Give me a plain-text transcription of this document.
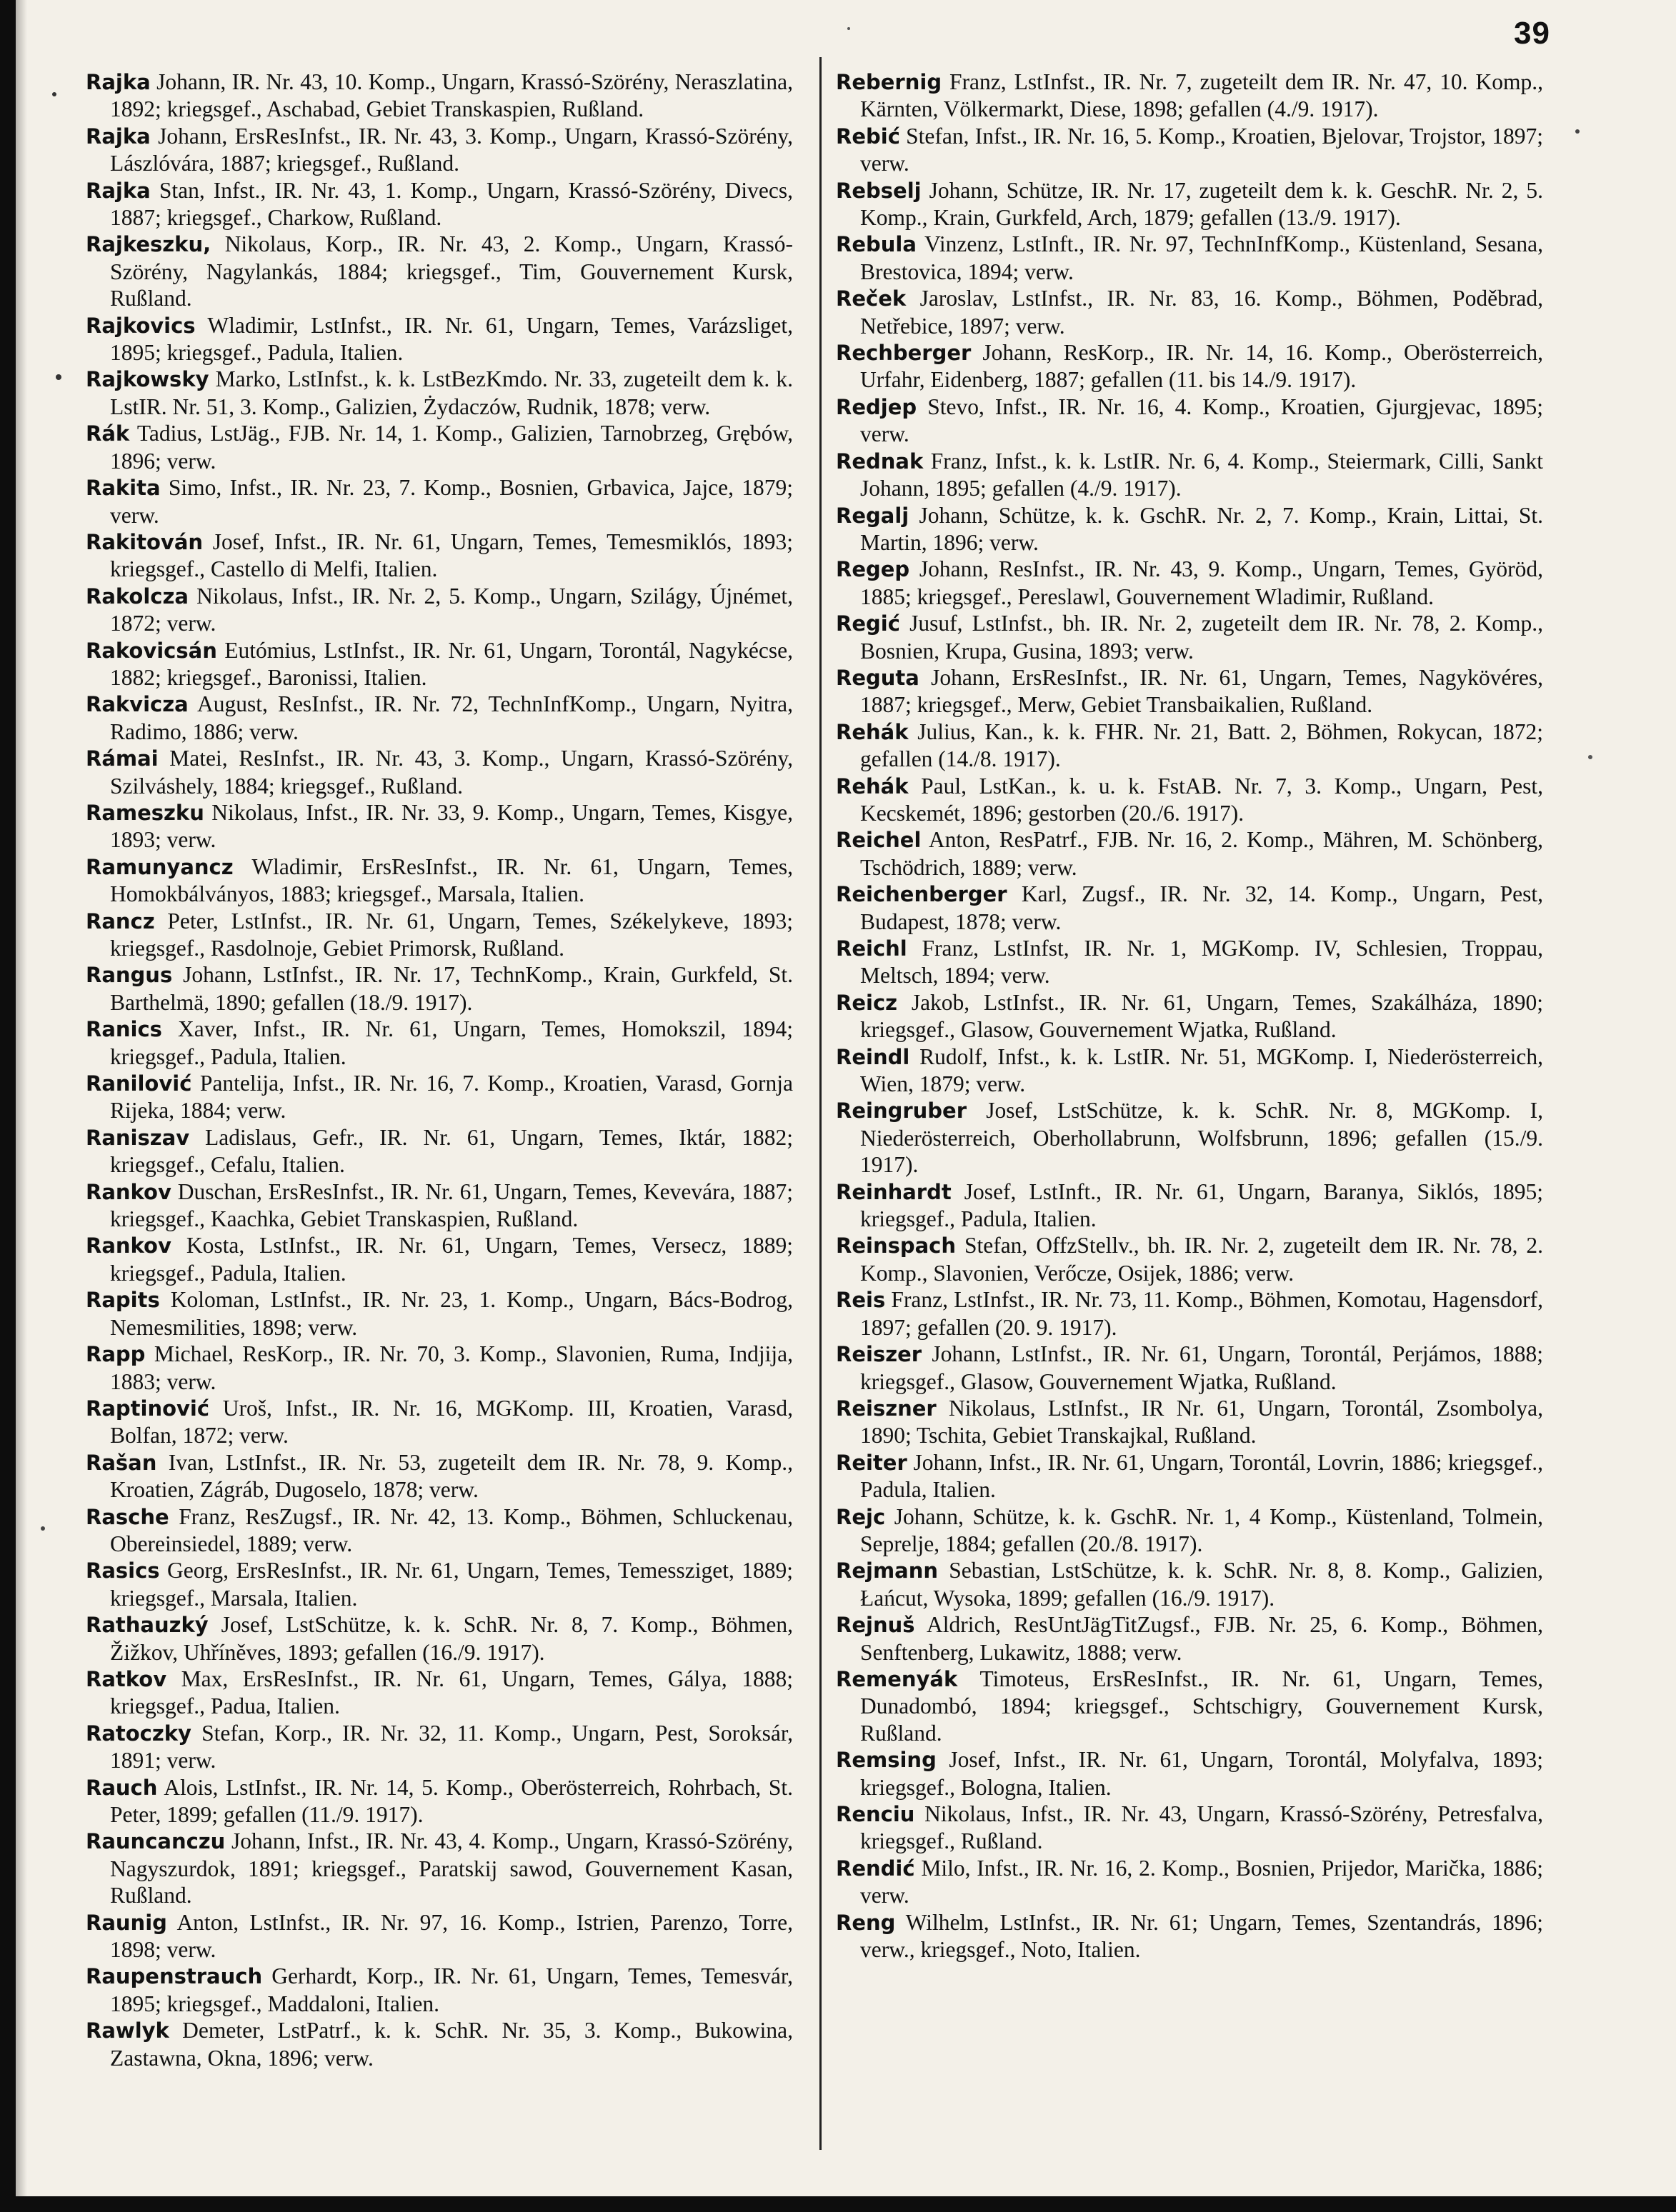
39

Rajka Johann, IR. Nr. 43, 10. Komp., Ungarn, Krassó-Szörény, Neraszlatina, 1892; kriegsgef., Aschabad, Gebiet Transkaspien, Rußland.

Rajka Johann, ErsResInfst., IR. Nr. 43, 3. Komp., Ungarn, Krassó-Szörény, Lászlóvára, 1887; kriegsgef., Rußland.

Rajka Stan, Infst., IR. Nr. 43, 1. Komp., Ungarn, Krassó-Szörény, Divecs, 1887; kriegsgef., Charkow, Rußland.

Rajkeszku, Nikolaus, Korp., IR. Nr. 43, 2. Komp., Ungarn, Krassó-Szörény, Nagylankás, 1884; kriegsgef., Tim, Gouvernement Kursk, Rußland.

Rajkovics Wladimir, LstInfst., IR. Nr. 61, Ungarn, Temes, Varázsliget, 1895; kriegsgef., Padula, Italien.

Rajkowsky Marko, LstInfst., k. k. LstBezKmdo. Nr. 33, zugeteilt dem k. k. LstIR. Nr. 51, 3. Komp., Galizien, Żydaczów, Rudnik, 1878; verw.

Rák Tadius, LstJäg., FJB. Nr. 14, 1. Komp., Galizien, Tarnobrzeg, Grębów, 1896; verw.

Rakita Simo, Infst., IR. Nr. 23, 7. Komp., Bosnien, Grbavica, Jajce, 1879; verw.

Rakitován Josef, Infst., IR. Nr. 61, Ungarn, Temes, Temesmiklós, 1893; kriegsgef., Castello di Melfi, Italien.

Rakolcza Nikolaus, Infst., IR. Nr. 2, 5. Komp., Ungarn, Szilágy, Újnémet, 1872; verw.

Rakovicsán Eutómius, LstInfst., IR. Nr. 61, Ungarn, Torontál, Nagykécse, 1882; kriegsgef., Baronissi, Italien.

Rakvicza August, ResInfst., IR. Nr. 72, TechnInfKomp., Ungarn, Nyitra, Radimo, 1886; verw.

Rámai Matei, ResInfst., IR. Nr. 43, 3. Komp., Ungarn, Krassó-Szörény, Szilváshely, 1884; kriegsgef., Rußland.

Rameszku Nikolaus, Infst., IR. Nr. 33, 9. Komp., Ungarn, Temes, Kisgye, 1893; verw.

Ramunyancz Wladimir, ErsResInfst., IR. Nr. 61, Ungarn, Temes, Homokbálványos, 1883; kriegsgef., Marsala, Italien.

Rancz Peter, LstInfst., IR. Nr. 61, Ungarn, Temes, Székelykeve, 1893; kriegsgef., Rasdolnoje, Gebiet Primorsk, Rußland.

Rangus Johann, LstInfst., IR. Nr. 17, TechnKomp., Krain, Gurkfeld, St. Barthelmä, 1890; gefallen (18./9. 1917).

Ranics Xaver, Infst., IR. Nr. 61, Ungarn, Temes, Homokszil, 1894; kriegsgef., Padula, Italien.

Ranilović Pantelija, Infst., IR. Nr. 16, 7. Komp., Kroatien, Varasd, Gornja Rijeka, 1884; verw.

Raniszav Ladislaus, Gefr., IR. Nr. 61, Ungarn, Temes, Iktár, 1882; kriegsgef., Cefalu, Italien.

Rankov Duschan, ErsResInfst., IR. Nr. 61, Ungarn, Temes, Kevevára, 1887; kriegsgef., Kaachka, Gebiet Transkaspien, Rußland.

Rankov Kosta, LstInfst., IR. Nr. 61, Ungarn, Temes, Versecz, 1889; kriegsgef., Padula, Italien.

Rapits Koloman, LstInfst., IR. Nr. 23, 1. Komp., Ungarn, Bács-Bodrog, Nemesmilities, 1898; verw.

Rapp Michael, ResKorp., IR. Nr. 70, 3. Komp., Slavonien, Ruma, Indjija, 1883; verw.

Raptinović Uroš, Infst., IR. Nr. 16, MGKomp. III, Kroatien, Varasd, Bolfan, 1872; verw.

Rašan Ivan, LstInfst., IR. Nr. 53, zugeteilt dem IR. Nr. 78, 9. Komp., Kroatien, Zágráb, Dugoselo, 1878; verw.

Rasche Franz, ResZugsf., IR. Nr. 42, 13. Komp., Böhmen, Schluckenau, Obereinsiedel, 1889; verw.

Rasics Georg, ErsResInfst., IR. Nr. 61, Ungarn, Temes, Temessziget, 1889; kriegsgef., Marsala, Italien.

Rathauzký Josef, LstSchütze, k. k. SchR. Nr. 8, 7. Komp., Böhmen, Žižkov, Uhříněves, 1893; gefallen (16./9. 1917).

Ratkov Max, ErsResInfst., IR. Nr. 61, Ungarn, Temes, Gálya, 1888; kriegsgef., Padua, Italien.

Ratoczky Stefan, Korp., IR. Nr. 32, 11. Komp., Ungarn, Pest, Soroksár, 1891; verw.

Rauch Alois, LstInfst., IR. Nr. 14, 5. Komp., Oberösterreich, Rohrbach, St. Peter, 1899; gefallen (11./9. 1917).

Rauncanczu Johann, Infst., IR. Nr. 43, 4. Komp., Ungarn, Krassó-Szörény, Nagyszurdok, 1891; kriegsgef., Paratskij sawod, Gouvernement Kasan, Rußland.

Raunig Anton, LstInfst., IR. Nr. 97, 16. Komp., Istrien, Parenzo, Torre, 1898; verw.

Raupenstrauch Gerhardt, Korp., IR. Nr. 61, Ungarn, Temes, Temesvár, 1895; kriegsgef., Maddaloni, Italien.

Rawlyk Demeter, LstPatrf., k. k. SchR. Nr. 35, 3. Komp., Bukowina, Zastawna, Okna, 1896; verw.

Rebernig Franz, LstInfst., IR. Nr. 7, zugeteilt dem IR. Nr. 47, 10. Komp., Kärnten, Völkermarkt, Diese, 1898; gefallen (4./9. 1917).

Rebić Stefan, Infst., IR. Nr. 16, 5. Komp., Kroatien, Bjelovar, Trojstor, 1897; verw.

Rebselj Johann, Schütze, IR. Nr. 17, zugeteilt dem k. k. GeschR. Nr. 2, 5. Komp., Krain, Gurkfeld, Arch, 1879; gefallen (13./9. 1917).

Rebula Vinzenz, LstInft., IR. Nr. 97, TechnInfKomp., Küstenland, Sesana, Brestovica, 1894; verw.

Reček Jaroslav, LstInfst., IR. Nr. 83, 16. Komp., Böhmen, Poděbrad, Netřebice, 1897; verw.

Rechberger Johann, ResKorp., IR. Nr. 14, 16. Komp., Oberösterreich, Urfahr, Eidenberg, 1887; gefallen (11. bis 14./9. 1917).

Redjep Stevo, Infst., IR. Nr. 16, 4. Komp., Kroatien, Gjurgjevac, 1895; verw.

Rednak Franz, Infst., k. k. LstIR. Nr. 6, 4. Komp., Steiermark, Cilli, Sankt Johann, 1895; gefallen (4./9. 1917).

Regalj Johann, Schütze, k. k. GschR. Nr. 2, 7. Komp., Krain, Littai, St. Martin, 1896; verw.

Regep Johann, ResInfst., IR. Nr. 43, 9. Komp., Ungarn, Temes, Györöd, 1885; kriegsgef., Pereslawl, Gouvernement Wladimir, Rußland.

Regić Jusuf, LstInfst., bh. IR. Nr. 2, zugeteilt dem IR. Nr. 78, 2. Komp., Bosnien, Krupa, Gusina, 1893; verw.

Reguta Johann, ErsResInfst., IR. Nr. 61, Ungarn, Temes, Nagykövéres, 1887; kriegsgef., Merw, Gebiet Transbaikalien, Rußland.

Rehák Julius, Kan., k. k. FHR. Nr. 21, Batt. 2, Böhmen, Rokycan, 1872; gefallen (14./8. 1917).

Rehák Paul, LstKan., k. u. k. FstAB. Nr. 7, 3. Komp., Ungarn, Pest, Kecskemét, 1896; gestorben (20./6. 1917).

Reichel Anton, ResPatrf., FJB. Nr. 16, 2. Komp., Mähren, M. Schönberg, Tschödrich, 1889; verw.

Reichenberger Karl, Zugsf., IR. Nr. 32, 14. Komp., Ungarn, Pest, Budapest, 1878; verw.

Reichl Franz, LstInfst, IR. Nr. 1, MGKomp. IV, Schlesien, Troppau, Meltsch, 1894; verw.

Reicz Jakob, LstInfst., IR. Nr. 61, Ungarn, Temes, Szakálháza, 1890; kriegsgef., Glasow, Gouvernement Wjatka, Rußland.

Reindl Rudolf, Infst., k. k. LstIR. Nr. 51, MGKomp. I, Niederösterreich, Wien, 1879; verw.

Reingruber Josef, LstSchütze, k. k. SchR. Nr. 8, MGKomp. I, Niederösterreich, Oberhollabrunn, Wolfsbrunn, 1896; gefallen (15./9. 1917).

Reinhardt Josef, LstInft., IR. Nr. 61, Ungarn, Baranya, Siklós, 1895; kriegsgef., Padula, Italien.

Reinspach Stefan, OffzStellv., bh. IR. Nr. 2, zugeteilt dem IR. Nr. 78, 2. Komp., Slavonien, Verőcze, Osijek, 1886; verw.

Reis Franz, LstInfst., IR. Nr. 73, 11. Komp., Böhmen, Komotau, Hagensdorf, 1897; gefallen (20. 9. 1917).

Reiszer Johann, LstInfst., IR. Nr. 61, Ungarn, Torontál, Perjámos, 1888; kriegsgef., Glasow, Gouvernement Wjatka, Rußland.

Reiszner Nikolaus, LstInfst., IR Nr. 61, Ungarn, Torontál, Zsombolya, 1890; Tschita, Gebiet Transkajkal, Rußland.

Reiter Johann, Infst., IR. Nr. 61, Ungarn, Torontál, Lovrin, 1886; kriegsgef., Padula, Italien.

Rejc Johann, Schütze, k. k. GschR. Nr. 1, 4 Komp., Küstenland, Tolmein, Seprelje, 1884; gefallen (20./8. 1917).

Rejmann Sebastian, LstSchütze, k. k. SchR. Nr. 8, 8. Komp., Galizien, Łańcut, Wysoka, 1899; gefallen (16./9. 1917).

Rejnuš Aldrich, ResUntJägTitZugsf., FJB. Nr. 25, 6. Komp., Böhmen, Senftenberg, Lukawitz, 1888; verw.

Remenyák Timoteus, ErsResInfst., IR. Nr. 61, Ungarn, Temes, Dunadombó, 1894; kriegsgef., Schtschigry, Gouvernement Kursk, Rußland.

Remsing Josef, Infst., IR. Nr. 61, Ungarn, Torontál, Molyfalva, 1893; kriegsgef., Bologna, Italien.

Renciu Nikolaus, Infst., IR. Nr. 43, Ungarn, Krassó-Szörény, Petresfalva, kriegsgef., Rußland.

Rendić Milo, Infst., IR. Nr. 16, 2. Komp., Bosnien, Prijedor, Marička, 1886; verw.

Reng Wilhelm, LstInfst., IR. Nr. 61; Ungarn, Temes, Szentandrás, 1896; verw., kriegsgef., Noto, Italien.
